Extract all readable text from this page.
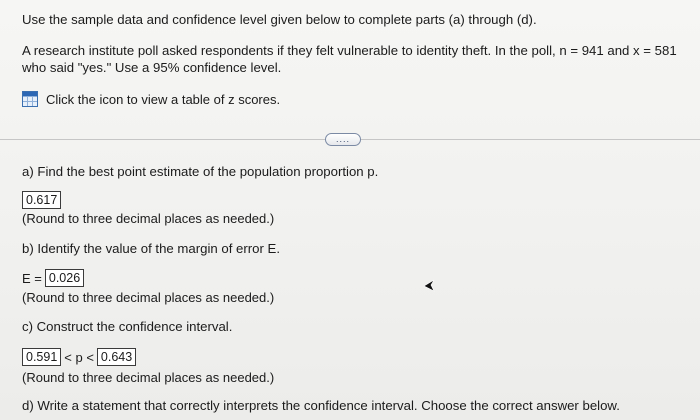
Use the sample data and confidence level given below to complete parts (a) through (d).
A research institute poll asked respondents if they felt vulnerable to identity theft. In the poll, n = 941 and x = 581 who said "yes." Use a 95% confidence level.
Click the icon to view a table of z scores.
....
a) Find the best point estimate of the population proportion p.
0.617
(Round to three decimal places as needed.)
b) Identify the value of the margin of error E.
E = 0.026
(Round to three decimal places as needed.)
c) Construct the confidence interval.
0.591 < p < 0.643
(Round to three decimal places as needed.)
d) Write a statement that correctly interprets the confidence interval. Choose the correct answer below.
